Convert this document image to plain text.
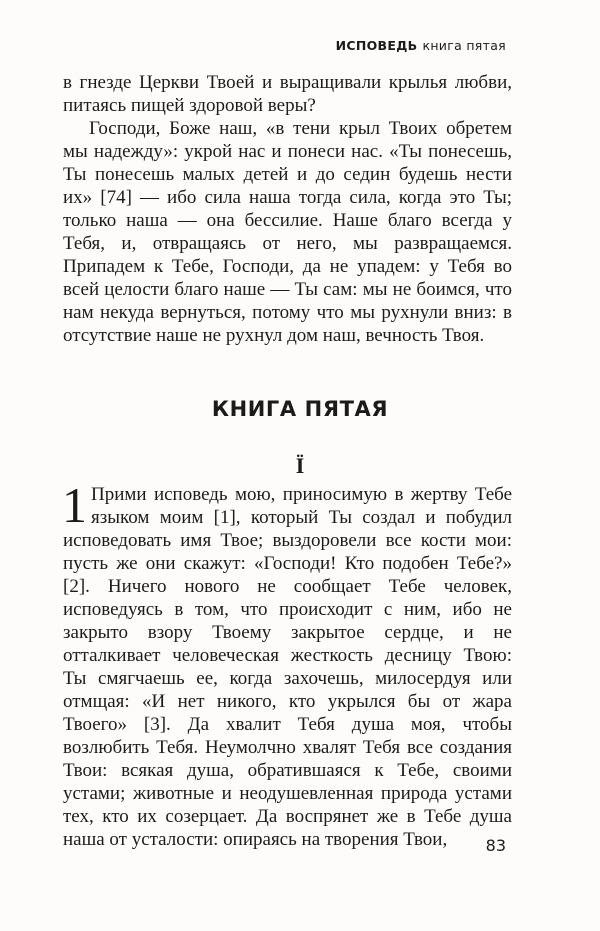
ИСПОВЕДЬ книга пятая

в гнезде Церкви Твоей и выращивали крылья любви, питаясь пищей здоровой веры?

Господи, Боже наш, «в тени крыл Твоих обретем мы надежду»: укрой нас и понеси нас. «Ты понесешь, Ты понесешь малых детей и до седин будешь нести их» [74] — ибо сила наша тогда сила, когда это Ты; только наша — она бессилие. Наше благо всегда у Тебя, и, отвращаясь от него, мы развращаемся. Припадем к Тебе, Господи, да не упадем: у Тебя во всей целости благо наше — Ты сам: мы не боимся, что нам некуда вернуться, потому что мы рухнули вниз: в отсутствие наше не рухнул дом наш, вечность Твоя.

КНИГА ПЯТАЯ
Ï
1 Прими исповедь мою, приносимую в жертву Тебе языком моим [1], который Ты создал и побудил исповедовать имя Твое; выздоровели все кости мои: пусть же они скажут: «Господи! Кто подобен Тебе?» [2]. Ничего нового не сообщает Тебе человек, исповедуясь в том, что происходит с ним, ибо не закрыто взору Твоему закрытое сердце, и не отталкивает человеческая жесткость десницу Твою: Ты смягчаешь ее, когда захочешь, милосердуя или отмщая: «И нет никого, кто укрылся бы от жара Твоего» [3]. Да хвалит Тебя душа моя, чтобы возлюбить Тебя. Неумолчно хвалят Тебя все создания Твои: всякая душа, обратившаяся к Тебе, своими устами; животные и неодушевленная природа устами тех, кто их созерцает. Да воспрянет же в Тебе душа наша от усталости: опираясь на творения Твои,	83
